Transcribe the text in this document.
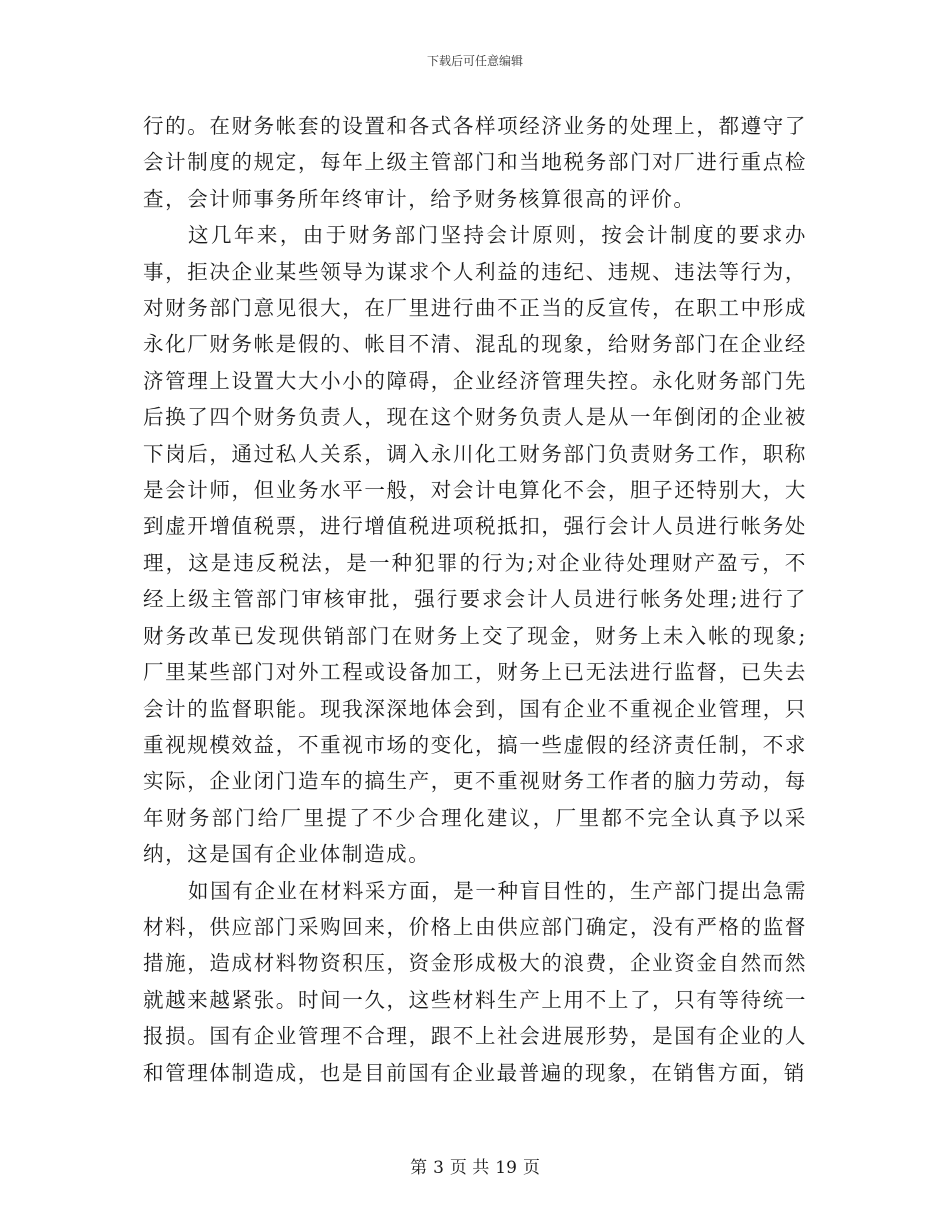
下载后可任意编辑

行的。在财务帐套的设置和各式各样项经济业务的处理上，都遵守了会计制度的规定，每年上级主管部门和当地税务部门对厂进行重点检查，会计师事务所年终审计，给予财务核算很高的评价。

这几年来，由于财务部门坚持会计原则，按会计制度的要求办事，拒决企业某些领导为谋求个人利益的违纪、违规、违法等行为，对财务部门意见很大，在厂里进行曲不正当的反宣传，在职工中形成永化厂财务帐是假的、帐目不清、混乱的现象，给财务部门在企业经济管理上设置大大小小的障碍，企业经济管理失控。永化财务部门先后换了四个财务负责人，现在这个财务负责人是从一年倒闭的企业被下岗后，通过私人关系，调入永川化工财务部门负责财务工作，职称是会计师，但业务水平一般，对会计电算化不会，胆子还特别大，大到虚开增值税票，进行增值税进项税抵扣，强行会计人员进行帐务处理，这是违反税法，是一种犯罪的行为;对企业待处理财产盈亏，不经上级主管部门审核审批，强行要求会计人员进行帐务处理;进行了财务改革已发现供销部门在财务上交了现金，财务上未入帐的现象;厂里某些部门对外工程或设备加工，财务上已无法进行监督，已失去会计的监督职能。现我深深地体会到，国有企业不重视企业管理，只重视规模效益，不重视市场的变化，搞一些虚假的经济责任制，不求实际，企业闭门造车的搞生产，更不重视财务工作者的脑力劳动，每年财务部门给厂里提了不少合理化建议，厂里都不完全认真予以采纳，这是国有企业体制造成。

如国有企业在材料采方面，是一种盲目性的，生产部门提出急需材料，供应部门采购回来，价格上由供应部门确定，没有严格的监督措施，造成材料物资积压，资金形成极大的浪费，企业资金自然而然就越来越紧张。时间一久，这些材料生产上用不上了，只有等待统一报损。国有企业管理不合理，跟不上社会进展形势，是国有企业的人和管理体制造成，也是目前国有企业最普遍的现象，在销售方面，销

第 3 页 共 19 页
